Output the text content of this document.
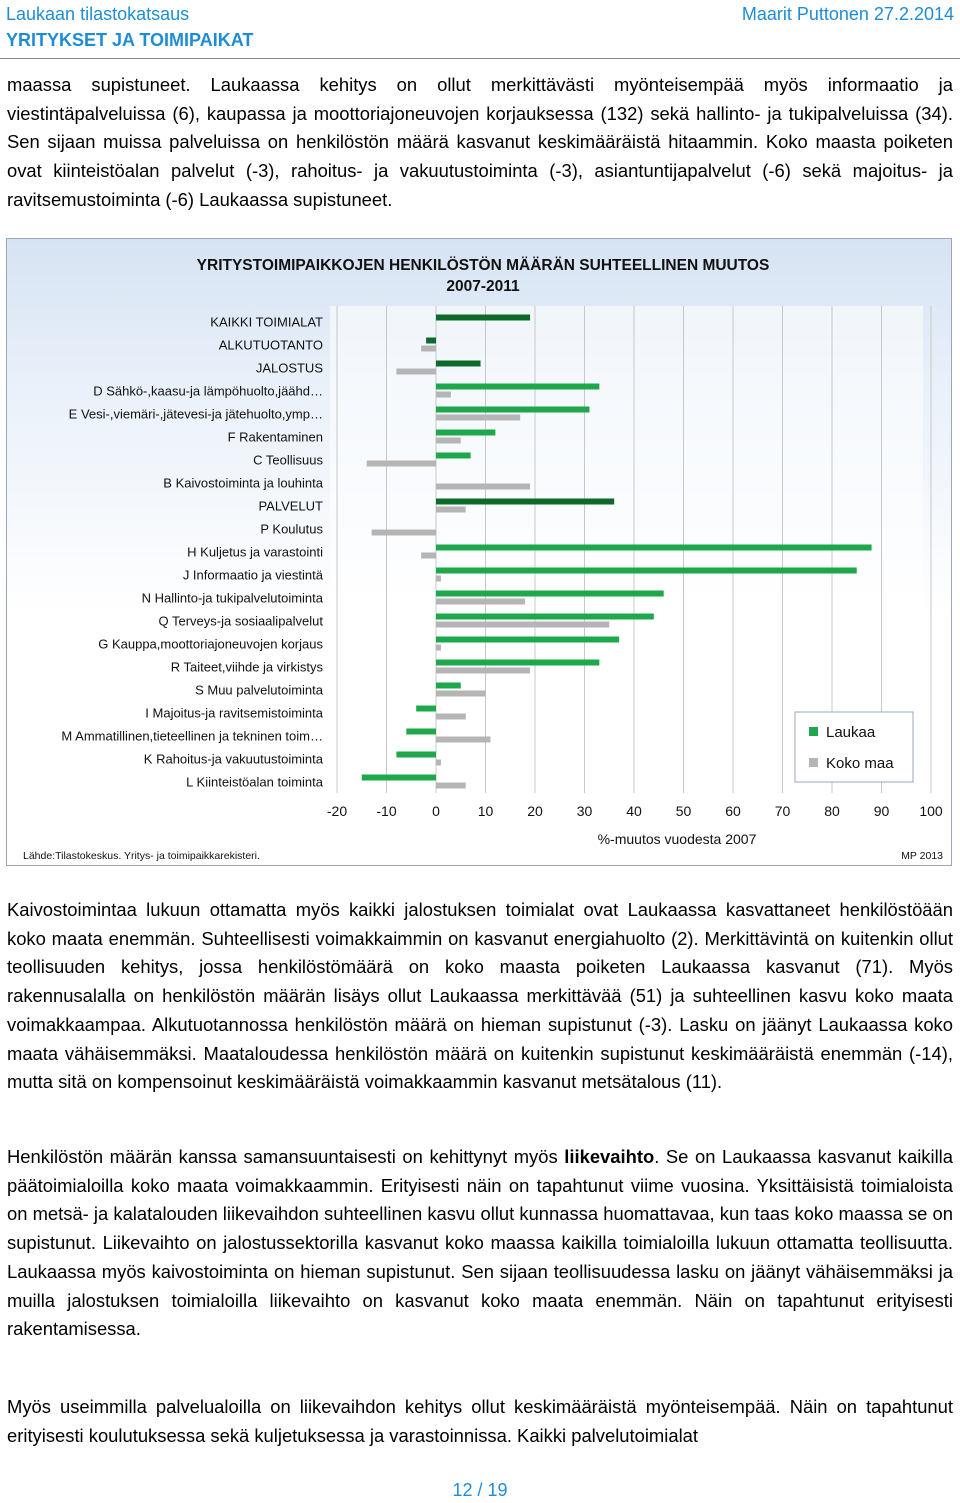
Laukaan tilastokatsaus
YRITYKSET JA TOIMIPAIKAT
Maarit Puttonen 27.2.2014

maassa supistuneet. Laukaassa kehitys on ollut merkittävästi myönteisempää myös informaatio ja viestintäpalveluissa (6), kaupassa ja moottoriajoneuvojen korjauksessa (132) sekä hallinto- ja tukipalveluissa (34). Sen sijaan muissa palveluissa on henkilöstön määrä kasvanut keskimääräistä hitaammin. Koko maasta poiketen ovat kiinteistöalan palvelut (-3), rahoitus- ja vakuutustoiminta (-3), asiantuntijapalvelut (-6) sekä majoitus- ja ravitsemustoiminta (-6) Laukaassa supistuneet.

YRITYSTOIMIPAIKKOJEN HENKILÖSTÖN MÄÄRÄN SUHTEELLINEN MUUTOS
2007-2011
KAIKKI TOIMIALAT
ALKUTUOTANTO
JALOSTUS
D Sähkö-,kaasu-ja lämpöhuolto,jäähd…
E Vesi-,viemäri-,jätevesi-ja jätehuolto,ymp…
F Rakentaminen
C Teollisuus
B Kaivostoiminta ja louhinta
PALVELUT
P Koulutus
H Kuljetus ja varastointi
J Informaatio ja viestintä
N Hallinto-ja tukipalvelutoiminta
Q Terveys-ja sosiaalipalvelut
G Kauppa,moottoriajoneuvojen korjaus
R Taiteet,viihde ja virkistys
S Muu palvelutoiminta
I Majoitus-ja ravitsemistoiminta
M Ammatillinen,tieteellinen ja tekninen toim…
K Rahoitus-ja vakuutustoiminta
L Kiinteistöalan toiminta
-20 -10	0	10 20 30 40 50 60 70 80 90 100
Laukaa
Koko maa
%-muutos vuodesta 2007
Lähde:Tilastokeskus. Yritys- ja toimipaikkarekisteri.	MP 2013

Kaivostoimintaa lukuun ottamatta myös kaikki jalostuksen toimialat ovat Laukaassa kasvattaneet henkilöstöään koko maata enemmän. Suhteellisesti voimakkaimmin on kasvanut energiahuolto (2). Merkittävintä on kuitenkin ollut teollisuuden kehitys, jossa henkilöstömäärä on koko maasta poiketen Laukaassa kasvanut (71). Myös rakennusalalla on henkilöstön määrän lisäys ollut Laukaassa merkittävää (51) ja suhteellinen kasvu koko maata voimakkaampaa. Alkutuotannossa henkilöstön määrä on hieman supistunut (-3). Lasku on jäänyt Laukaassa koko maata vähäisemmäksi. Maataloudessa henkilöstön määrä on kuitenkin supistunut keskimääräistä enemmän (-14), mutta sitä on kompensoinut keskimääräistä voimakkaammin kasvanut metsätalous (11).

Henkilöstön määrän kanssa samansuuntaisesti on kehittynyt myös liikevaihto. Se on Laukaassa kasvanut kaikilla päätoimialoilla koko maata voimakkaammin. Erityisesti näin on tapahtunut viime vuosina. Yksittäisistä toimialoista on metsä- ja kalatalouden liikevaihdon suhteellinen kasvu ollut kunnassa huomattavaa, kun taas koko maassa se on supistunut. Liikevaihto on jalostussektorilla kasvanut koko maassa kaikilla toimialoilla lukuun ottamatta teollisuutta. Laukaassa myös kaivostoiminta on hieman supistunut. Sen sijaan teollisuudessa lasku on jäänyt vähäisemmäksi ja muilla jalostuksen toimialoilla liikevaihto on kasvanut koko maata enemmän. Näin on tapahtunut erityisesti rakentamisessa.

Myös useimmilla palvelualoilla on liikevaihdon kehitys ollut keskimääräistä myönteisempää. Näin on tapahtunut erityisesti koulutuksessa sekä kuljetuksessa ja varastoinnissa. Kaikki palvelutoimialat

12 / 19
